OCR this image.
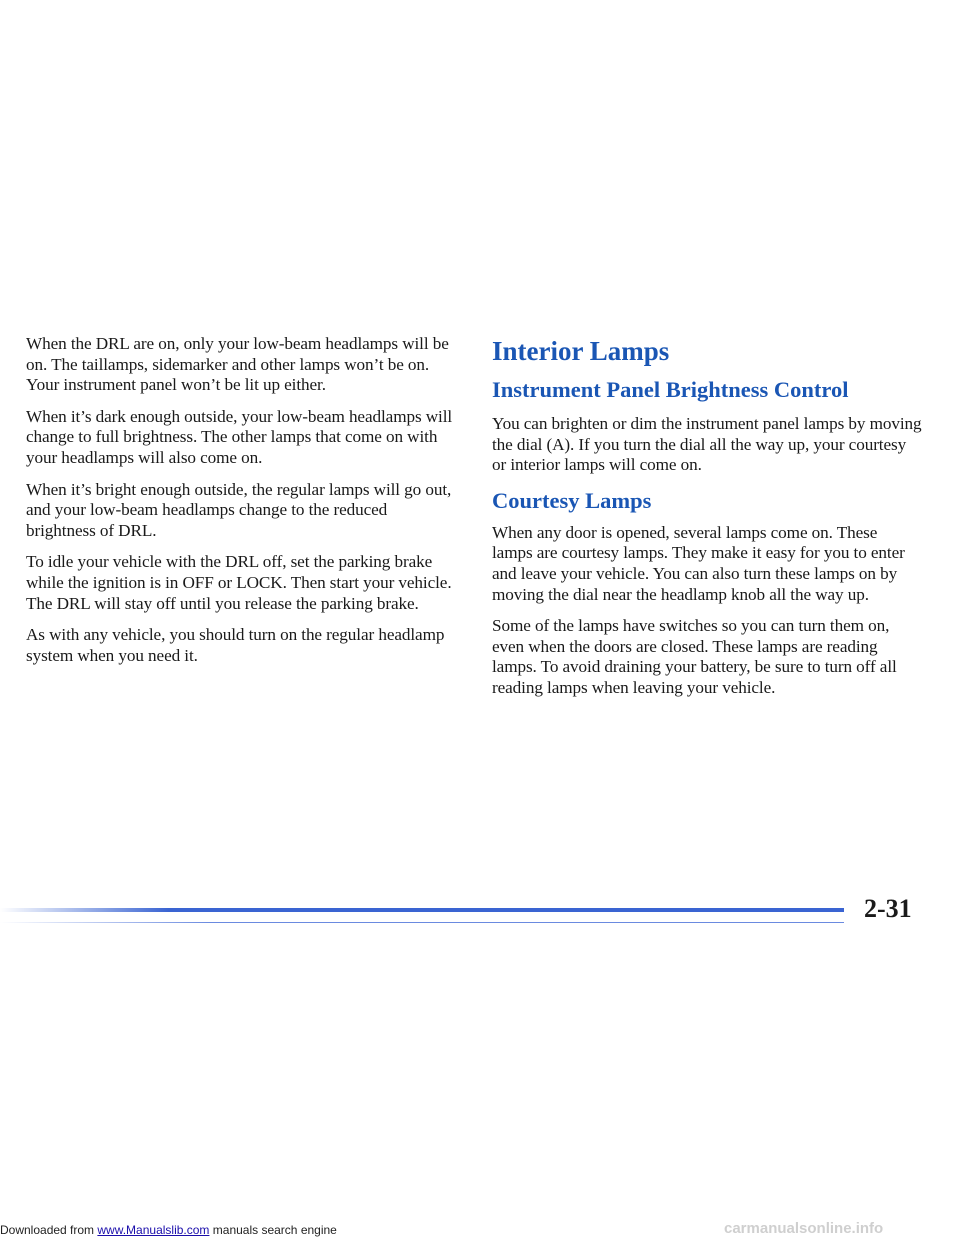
When the DRL are on, only your low-beam headlamps will be on. The taillamps, sidemarker and other lamps won’t be on. Your instrument panel won’t be lit up either.

When it’s dark enough outside, your low-beam headlamps will change to full brightness. The other lamps that come on with your headlamps will also come on.

When it’s bright enough outside, the regular lamps will go out, and your low-beam headlamps change to the reduced brightness of DRL.

To idle your vehicle with the DRL off, set the parking brake while the ignition is in OFF or LOCK. Then start your vehicle. The DRL will stay off until you release the parking brake.

As with any vehicle, you should turn on the regular headlamp system when you need it.

Interior Lamps
Instrument Panel Brightness Control

You can brighten or dim the instrument panel lamps by moving the dial (A). If you turn the dial all the way up, your courtesy or interior lamps will come on.

Courtesy Lamps

When any door is opened, several lamps come on. These lamps are courtesy lamps. They make it easy for you to enter and leave your vehicle. You can also turn these lamps on by moving the dial near the headlamp knob all the way up.

Some of the lamps have switches so you can turn them on, even when the doors are closed. These lamps are reading lamps. To avoid draining your battery, be sure to turn off all reading lamps when leaving your vehicle.

2-31
Downloaded from www.Manualslib.com manuals search engine	carmanualsonline.info
